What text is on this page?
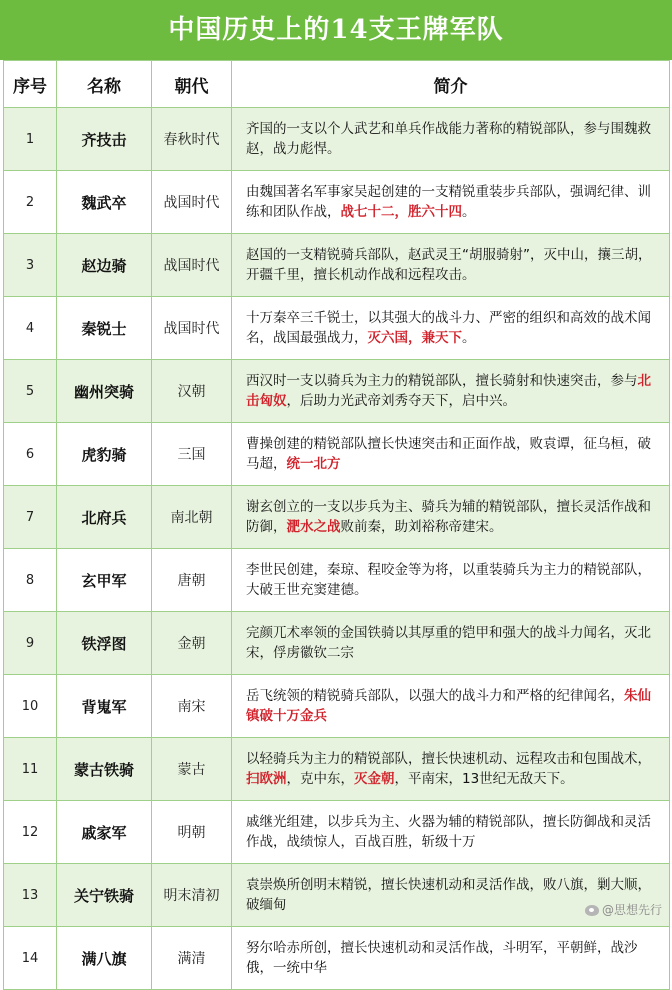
中国历史上的14支王牌军队
序号	名称	朝代	简介
1	齐技击	春秋时代	齐国的一支以个人武艺和单兵作战能力著称的精锐部队，参与围魏救赵，战力彪悍。
2	魏武卒	战国时代	由魏国著名军事家吴起创建的一支精锐重装步兵部队，强调纪律、训练和团队作战，战七十二，胜六十四。
3	赵边骑	战国时代	赵国的一支精锐骑兵部队，赵武灵王“胡服骑射”，灭中山，攘三胡，开疆千里，擅长机动作战和远程攻击。
4	秦锐士	战国时代	十万秦卒三千锐士，以其强大的战斗力、严密的组织和高效的战术闻名，战国最强战力，灭六国，兼天下。
5	幽州突骑	汉朝	西汉时一支以骑兵为主力的精锐部队，擅长骑射和快速突击，参与北击匈奴，后助力光武帝刘秀夺天下，启中兴。
6	虎豹骑	三国	曹操创建的精锐部队擅长快速突击和正面作战，败袁谭，征乌桓，破马超，统一北方
7	北府兵	南北朝	谢玄创立的一支以步兵为主、骑兵为辅的精锐部队，擅长灵活作战和防御，淝水之战败前秦，助刘裕称帝建宋。
8	玄甲军	唐朝	李世民创建，秦琼、程咬金等为将，以重装骑兵为主力的精锐部队，大破王世充窦建德。
9	铁浮图	金朝	完颜兀术率领的金国铁骑以其厚重的铠甲和强大的战斗力闻名，灭北宋，俘虏徽钦二宗
10	背嵬军	南宋	岳飞统领的精锐骑兵部队，以强大的战斗力和严格的纪律闻名，朱仙镇破十万金兵
11	蒙古铁骑	蒙古	以轻骑兵为主力的精锐部队，擅长快速机动、远程攻击和包围战术，扫欧洲，克中东，灭金朝，平南宋，13世纪无敌天下。
12	戚家军	明朝	戚继光组建，以步兵为主、火器为辅的精锐部队，擅长防御战和灵活作战，战绩惊人，百战百胜，斩级十万
13	关宁铁骑	明末清初	袁崇焕所创明末精锐，擅长快速机动和灵活作战，败八旗，剿大顺，破缅甸
14	满八旗	满清	努尔哈赤所创，擅长快速机动和灵活作战，斗明军，平朝鲜，战沙俄，一统中华
@思想先行
